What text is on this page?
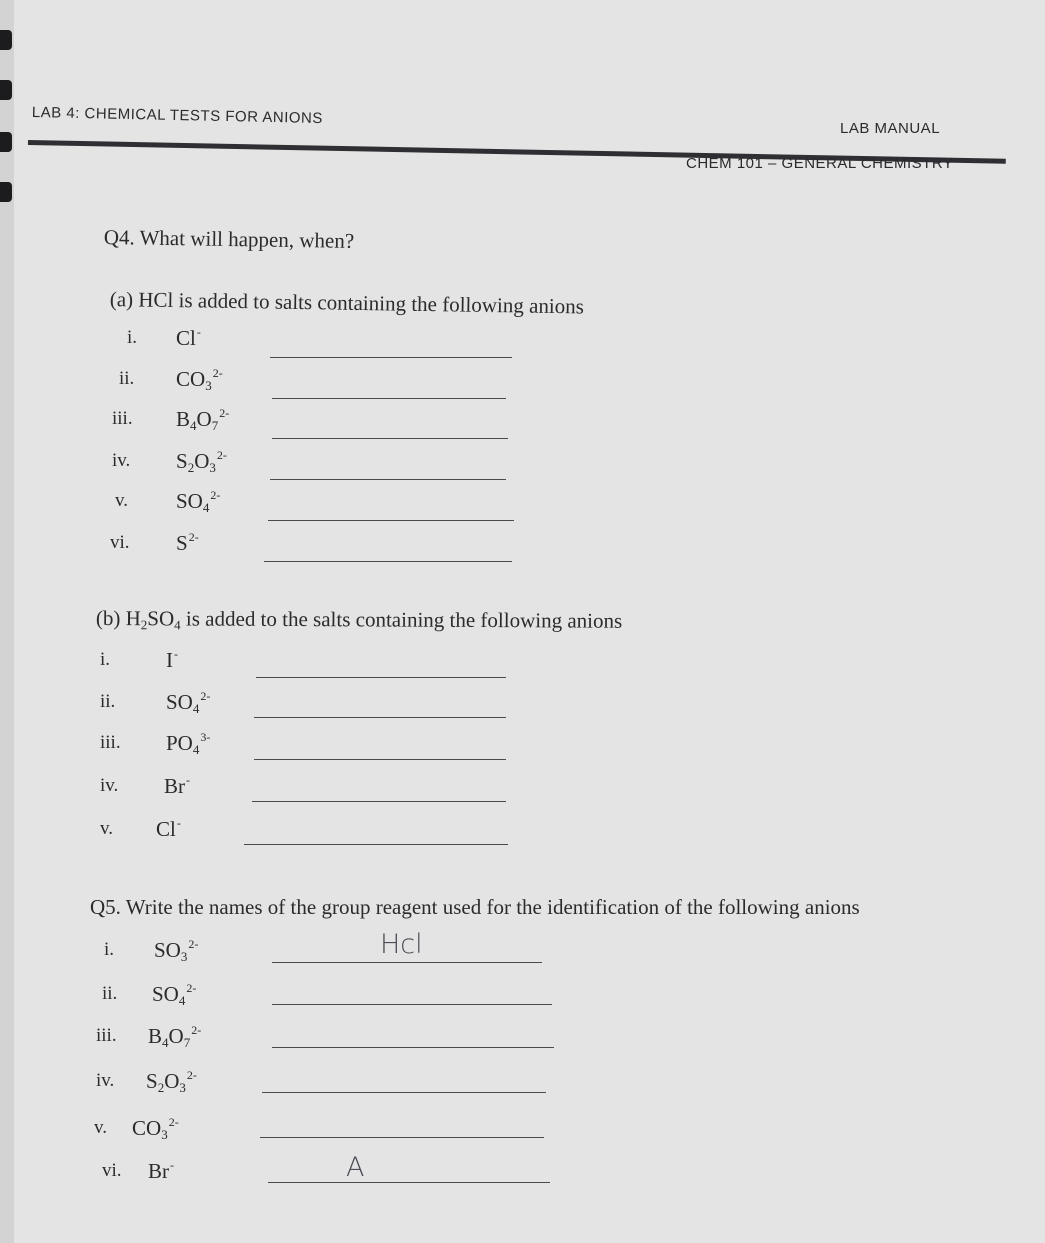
LAB 4: CHEMICAL TESTS FOR ANIONS
LAB MANUAL
CHEM 101 – GENERAL CHEMISTRY
Q4. What will happen, when?
(a) HCl is added to salts containing the following anions
(b) $H_2SO_4$ is added to the salts containing the following anions
Q5. Write the names of the group reagent used for the identification of the following anions
i. Cl-
ii. $CO_3^{2-}$
iii. $B_4O_7^{2-}$
iv. $S_2O_3^{2-}$
v. $SO_4^{2-}$
vi. $S^{2-}$
i.	I-
ii. $SO_4^{2-}$
iii. $PO_4^{3-}$
iv. Br-
v. Cl-
i. $SO_3^{2-}$	Hcl
ii. $SO_4^{2-}$
iii. $B_4O_7^{2-}$
iv. $S_2O_3^{2-}$
v. $CO_3^{2-}$
vi. Br-	A
